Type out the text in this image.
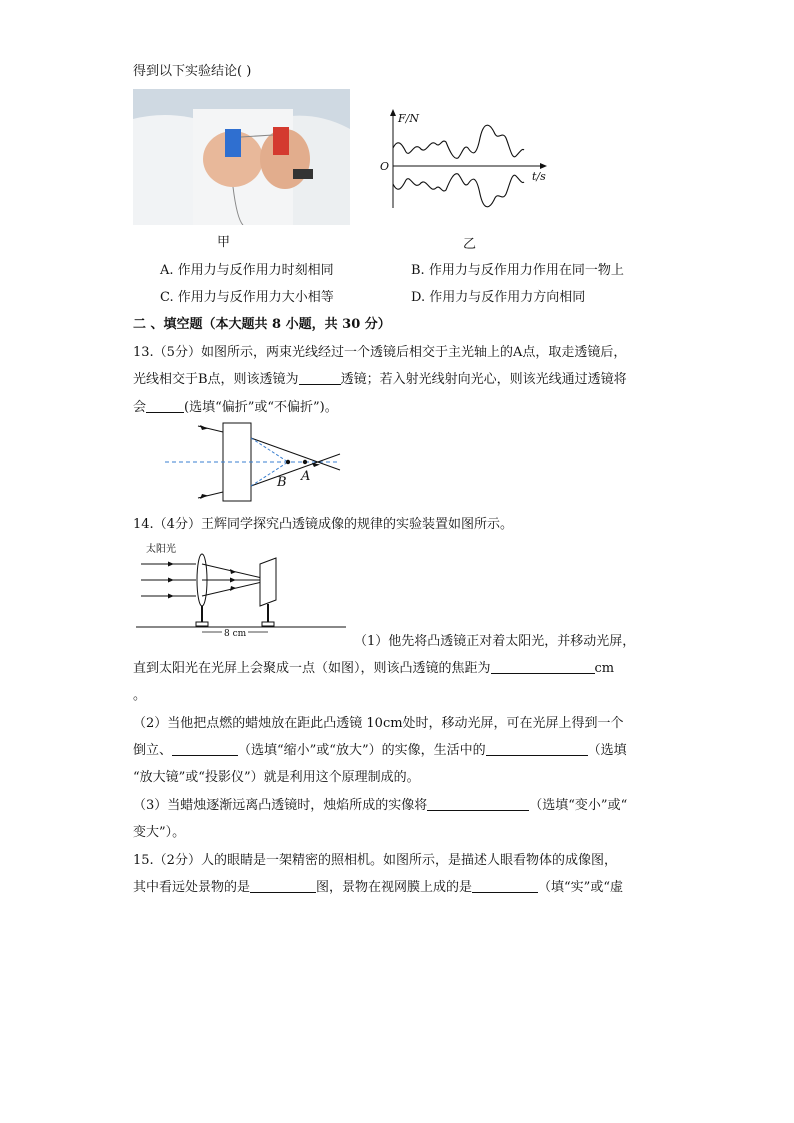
得到以下实验结论( )
F/N
O
t/s
甲	乙
A. 作用力与反作用力时刻相同	B. 作用力与反作用力作用在同一物上
C. 作用力与反作用力大小相等	D. 作用力与反作用力方向相同
二 、填空题（本大题共 8 小题，共 30 分）
13.（5分）如图所示，两束光线经过一个透镜后相交于主光轴上的A点，取走透镜后，
光线相交于B点，则该透镜为	透镜；若入射光线射向光心，则该光线通过透镜将
会	(选填“偏折”或“不偏折”)。
B A
14.（4分）王辉同学探究凸透镜成像的规律的实验装置如图所示。
太阳光
8 cm	（1）他先将凸透镜正对着太阳光，并移动光屏，
直到太阳光在光屏上会聚成一点（如图），则该凸透镜的焦距为	cm
。
（2）当他把点燃的蜡烛放在距此凸透镜 10cm处时，移动光屏，可在光屏上得到一个
倒立、	（选填“缩小”或“放大”）的实像，生活中的	（选填
“放大镜”或“投影仪”）就是利用这个原理制成的。
（3）当蜡烛逐渐远离凸透镜时，烛焰所成的实像将	（选填“变小”或“
变大”）。
15.（2分）人的眼睛是一架精密的照相机。如图所示，是描述人眼看物体的成像图，
其中看远处景物的是	图，景物在视网膜上成的是	（填“实”或“虚
